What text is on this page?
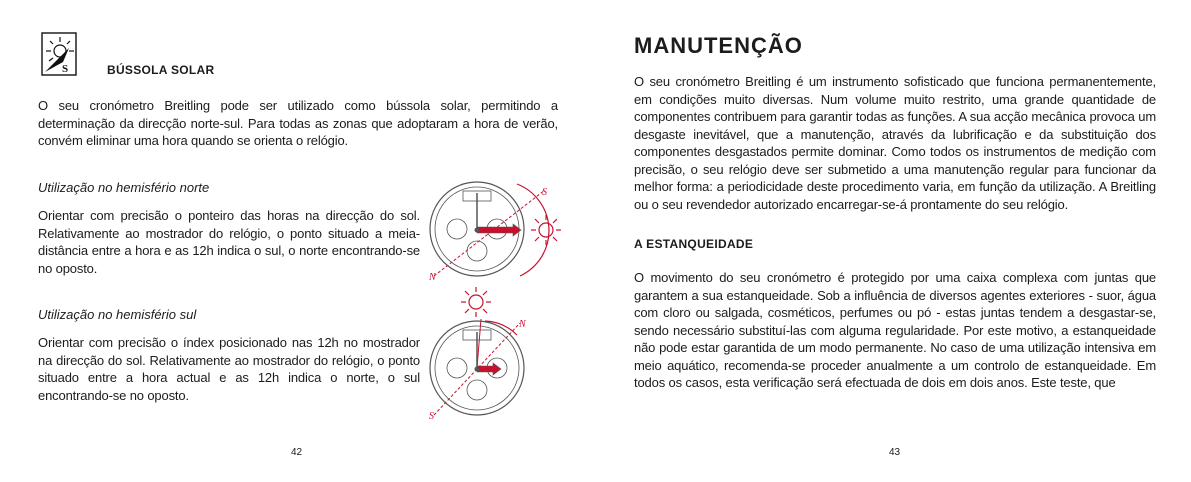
S	BÚSSOLA SOLAR

O seu cronómetro Breitling pode ser utilizado como bússola solar, permitindo a determinação da direcção norte-sul. Para todas as zonas que adoptaram a hora de verão, convém eliminar uma hora quando se orienta o relógio.

Utilização no hemisfério norte

Orientar com precisão o ponteiro das horas na direcção do sol. Relativamente ao mostrador do relógio, o ponto situado a meia-distância entre a hora e as 12h indica o sul, o norte encontrando-se no oposto.

Utilização no hemisfério sul

Orientar com precisão o índex posicionado nas 12h no mostrador na direcção do sol. Relativamente ao mostrador do relógio, o ponto situado entre a hora actual e as 12h indica o norte, o sul encontrando-se no oposto.

S
N
N
S
42
MANUTENÇÃO

O seu cronómetro Breitling é um instrumento sofisticado que funciona permanentemente, em condições muito diversas. Num volume muito restrito, uma grande quantidade de componentes contribuem para garantir todas as funções. A sua acção mecânica provoca um desgaste inevitável, que a manutenção, através da lubrificação e da substituição dos componentes desgastados permite dominar. Como todos os instrumentos de medição com precisão, o seu relógio deve ser submetido a uma manutenção regular para funcionar da melhor forma: a periodicidade deste procedimento varia, em função da utilização. A Breitling ou o seu revendedor autorizado encarregar-se-á prontamente do seu relógio.

A ESTANQUEIDADE

O movimento do seu cronómetro é protegido por uma caixa complexa com juntas que garantem a sua estanqueidade. Sob a influência de diversos agentes exteriores - suor, água com cloro ou salgada, cosméticos, perfumes ou pó - estas juntas tendem a desgastar-se, sendo necessário substituí-las com alguma regularidade. Por este motivo, a estanqueidade não pode estar garantida de um modo permanente. No caso de uma utilização intensiva em meio aquático, recomenda-se proceder anualmente a um controlo de estanqueidade. Em todos os casos, esta verificação será efectuada de dois em dois anos. Este teste, que

43
